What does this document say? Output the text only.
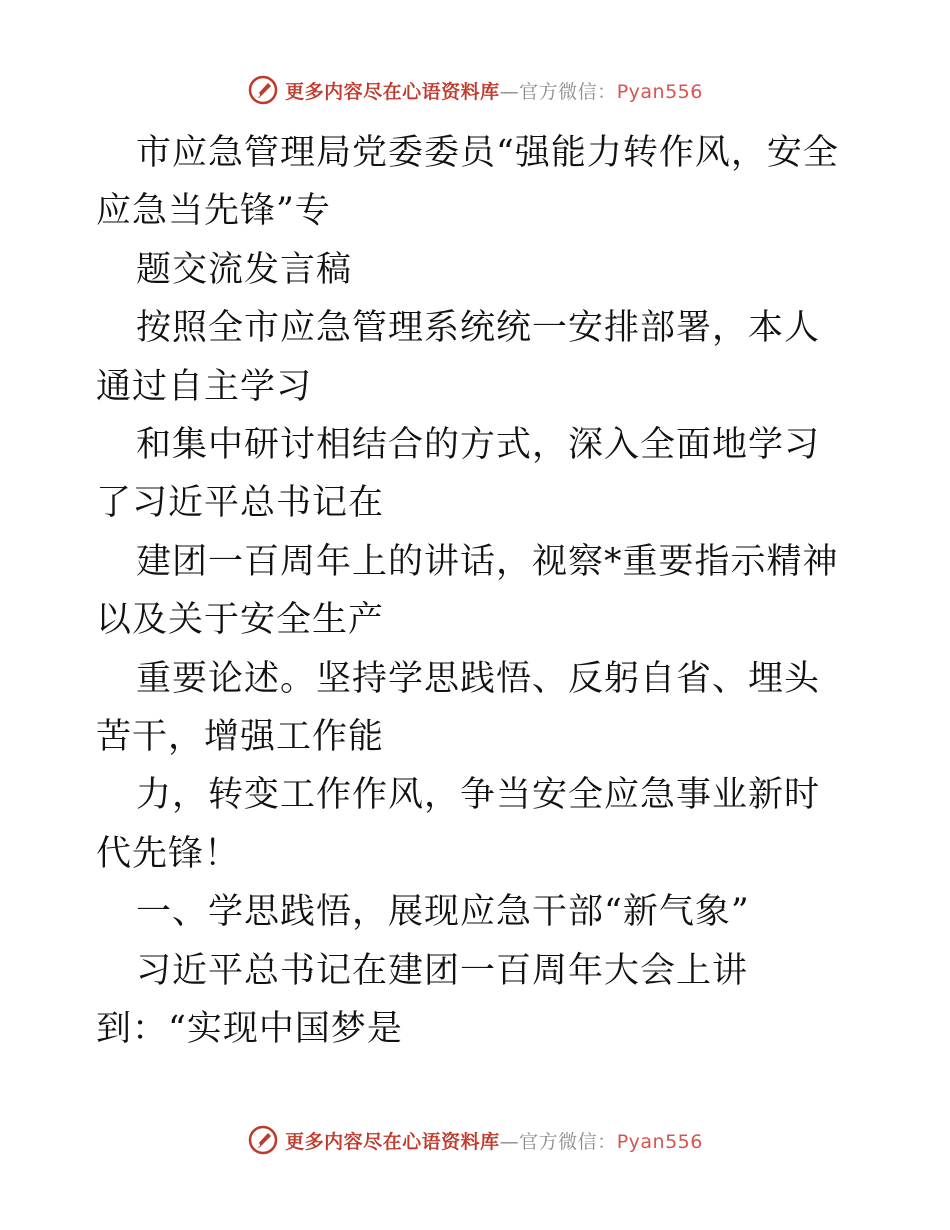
更多内容尽在心语资料库—官方微信：Pyan556

市应急管理局党委委员“强能力转作风，安全应急当先锋”专

题交流发言稿

按照全市应急管理系统统一安排部署，本人通过自主学习

和集中研讨相结合的方式，深入全面地学习了习近平总书记在

建团一百周年上的讲话，视察*重要指示精神以及关于安全生产

重要论述。坚持学思践悟、反躬自省、埋头苦干，增强工作能

力，转变工作作风，争当安全应急事业新时代先锋！

一、学思践悟，展现应急干部“新气象”

习近平总书记在建团一百周年大会上讲到：“实现中国梦是

更多内容尽在心语资料库—官方微信：Pyan556
